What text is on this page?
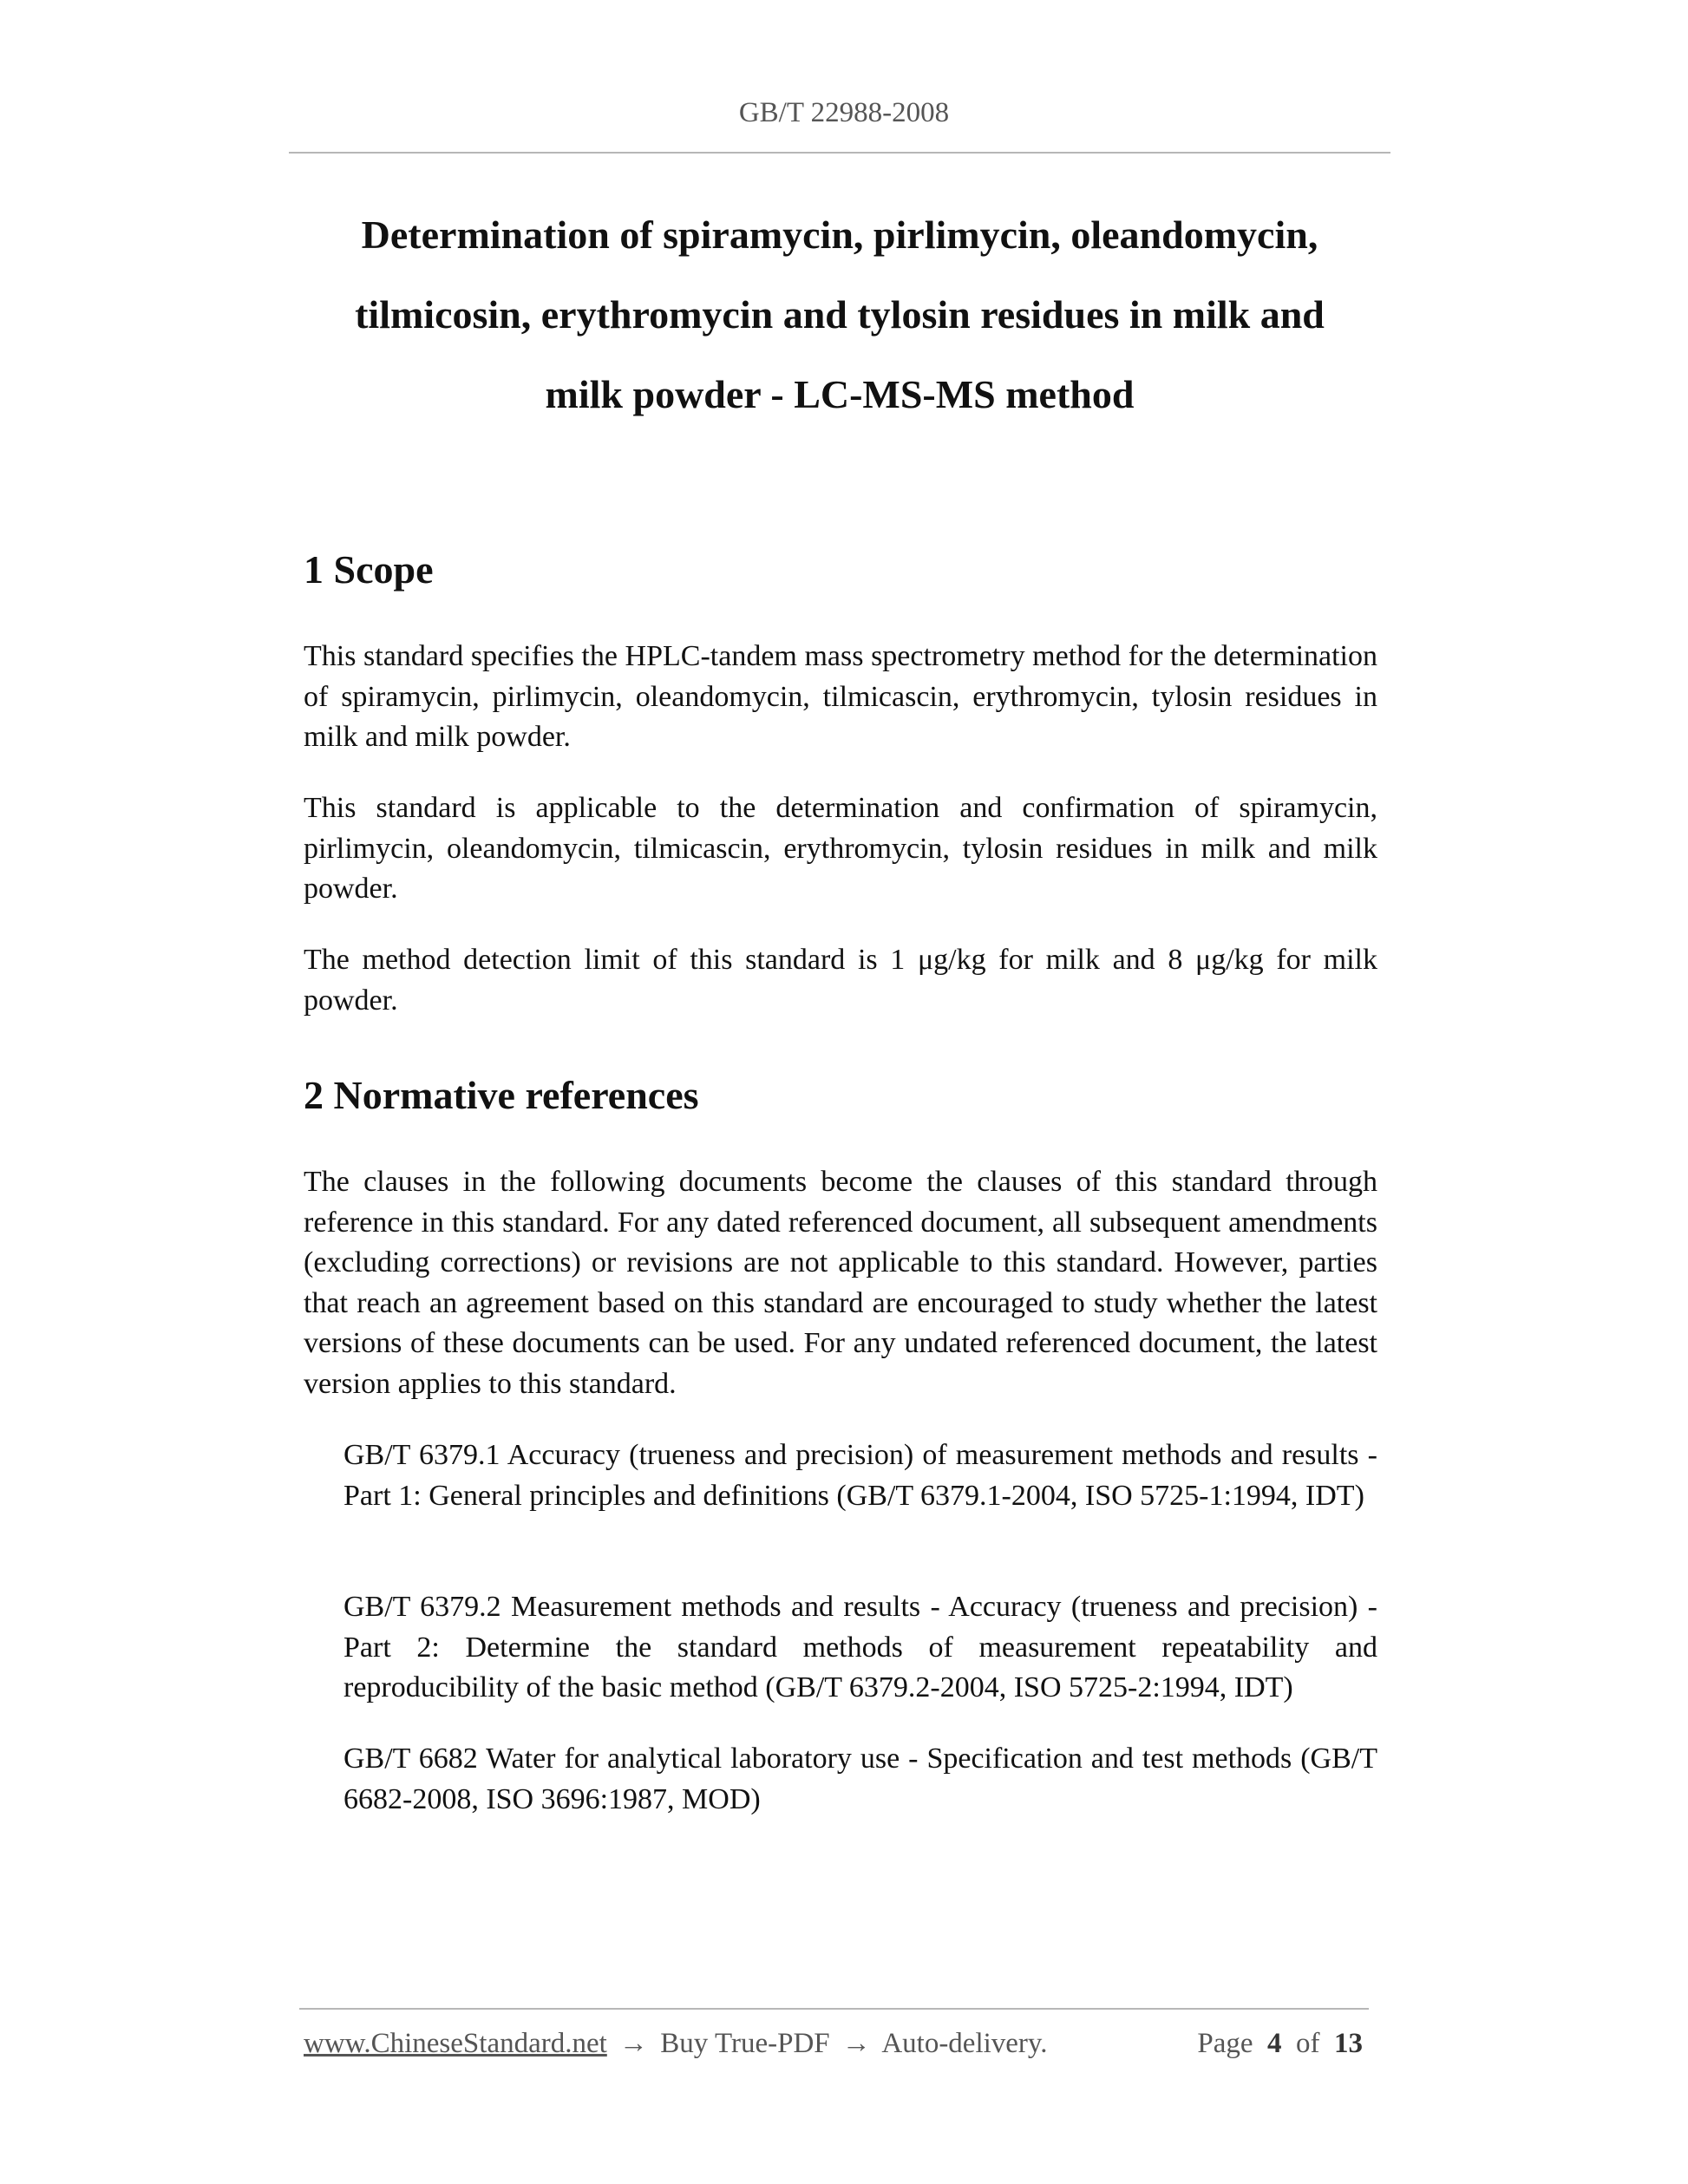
GB/T 22988-2008
Determination of spiramycin, pirlimycin, oleandomycin,
tilmicosin, erythromycin and tylosin residues in milk and
milk powder - LC-MS-MS method
1 Scope

This standard specifies the HPLC-tandem mass spectrometry method for the determination of spiramycin, pirlimycin, oleandomycin, tilmicascin, erythromycin, tylosin residues in milk and milk powder.

This standard is applicable to the determination and confirmation of spiramycin, pirlimycin, oleandomycin, tilmicascin, erythromycin, tylosin residues in milk and milk powder.

The method detection limit of this standard is 1 μg/kg for milk and 8 μg/kg for milk powder.

2 Normative references

The clauses in the following documents become the clauses of this standard through reference in this standard. For any dated referenced document, all subsequent amendments (excluding corrections) or revisions are not applicable to this standard. However, parties that reach an agreement based on this standard are encouraged to study whether the latest versions of these documents can be used. For any undated referenced document, the latest version applies to this standard.

GB/T 6379.1 Accuracy (trueness and precision) of measurement methods and results - Part 1: General principles and definitions (GB/T 6379.1-2004, ISO 5725-1:1994, IDT)

GB/T 6379.2 Measurement methods and results - Accuracy (trueness and precision) - Part 2: Determine the standard methods of measurement repeatability and reproducibility of the basic method (GB/T 6379.2-2004, ISO 5725-2:1994, IDT)

GB/T 6682 Water for analytical laboratory use - Specification and test methods (GB/T 6682-2008, ISO 3696:1987, MOD)

www.ChineseStandard.net → Buy True-PDF → Auto-delivery.	Page 4 of 13
